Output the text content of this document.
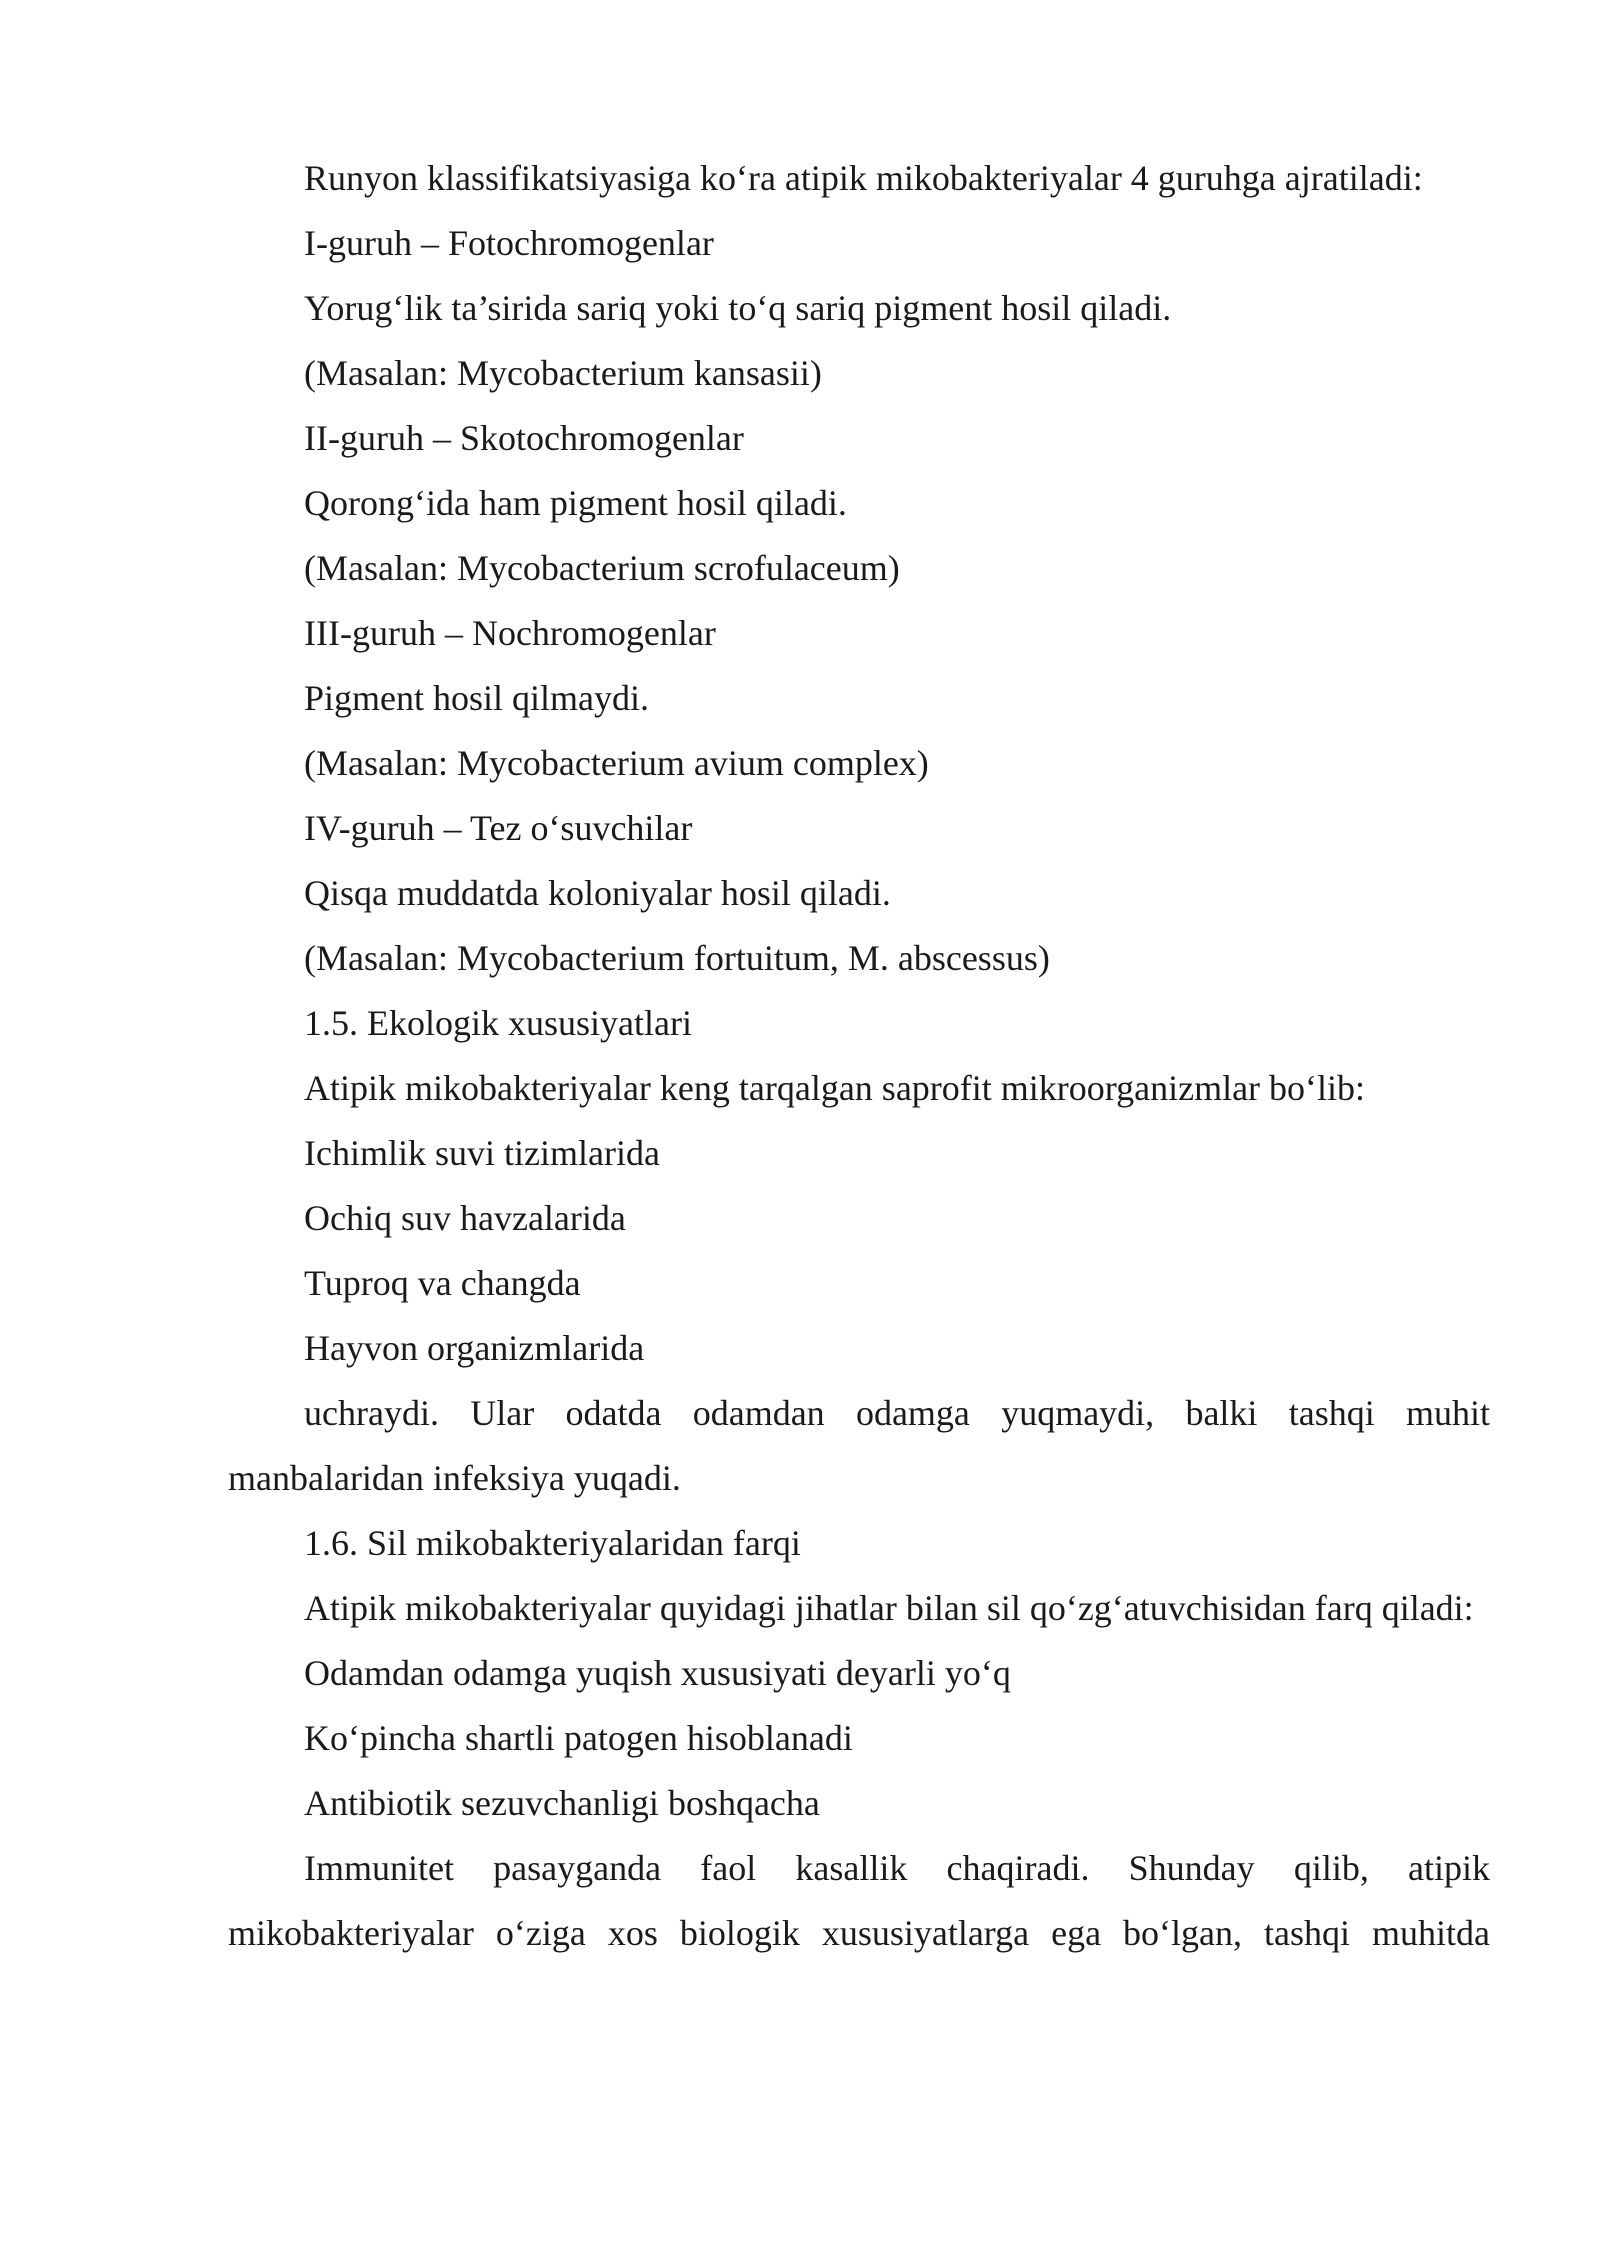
Runyon klassifikatsiyasiga ko‘ra atipik mikobakteriyalar 4 guruhga ajratiladi:

I-guruh – Fotochromogenlar

Yorug‘lik ta’sirida sariq yoki to‘q sariq pigment hosil qiladi.

(Masalan: Mycobacterium kansasii)

II-guruh – Skotochromogenlar

Qorong‘ida ham pigment hosil qiladi.

(Masalan: Mycobacterium scrofulaceum)

III-guruh – Nochromogenlar

Pigment hosil qilmaydi.

(Masalan: Mycobacterium avium complex)

IV-guruh – Tez o‘suvchilar

Qisqa muddatda koloniyalar hosil qiladi.

(Masalan: Mycobacterium fortuitum, M. abscessus)

1.5. Ekologik xususiyatlari

Atipik mikobakteriyalar keng tarqalgan saprofit mikroorganizmlar bo‘lib:

Ichimlik suvi tizimlarida

Ochiq suv havzalarida

Tuproq va changda

Hayvon organizmlarida

uchraydi. Ular odatda odamdan odamga yuqmaydi, balki tashqi muhit manbalaridan infeksiya yuqadi.

1.6. Sil mikobakteriyalaridan farqi

Atipik mikobakteriyalar quyidagi jihatlar bilan sil qo‘zg‘atuvchisidan farq qiladi:

Odamdan odamga yuqish xususiyati deyarli yo‘q

Ko‘pincha shartli patogen hisoblanadi

Antibiotik sezuvchanligi boshqacha

Immunitet pasayganda faol kasallik chaqiradi. Shunday qilib, atipik mikobakteriyalar o‘ziga xos biologik xususiyatlarga ega bo‘lgan, tashqi muhitda
